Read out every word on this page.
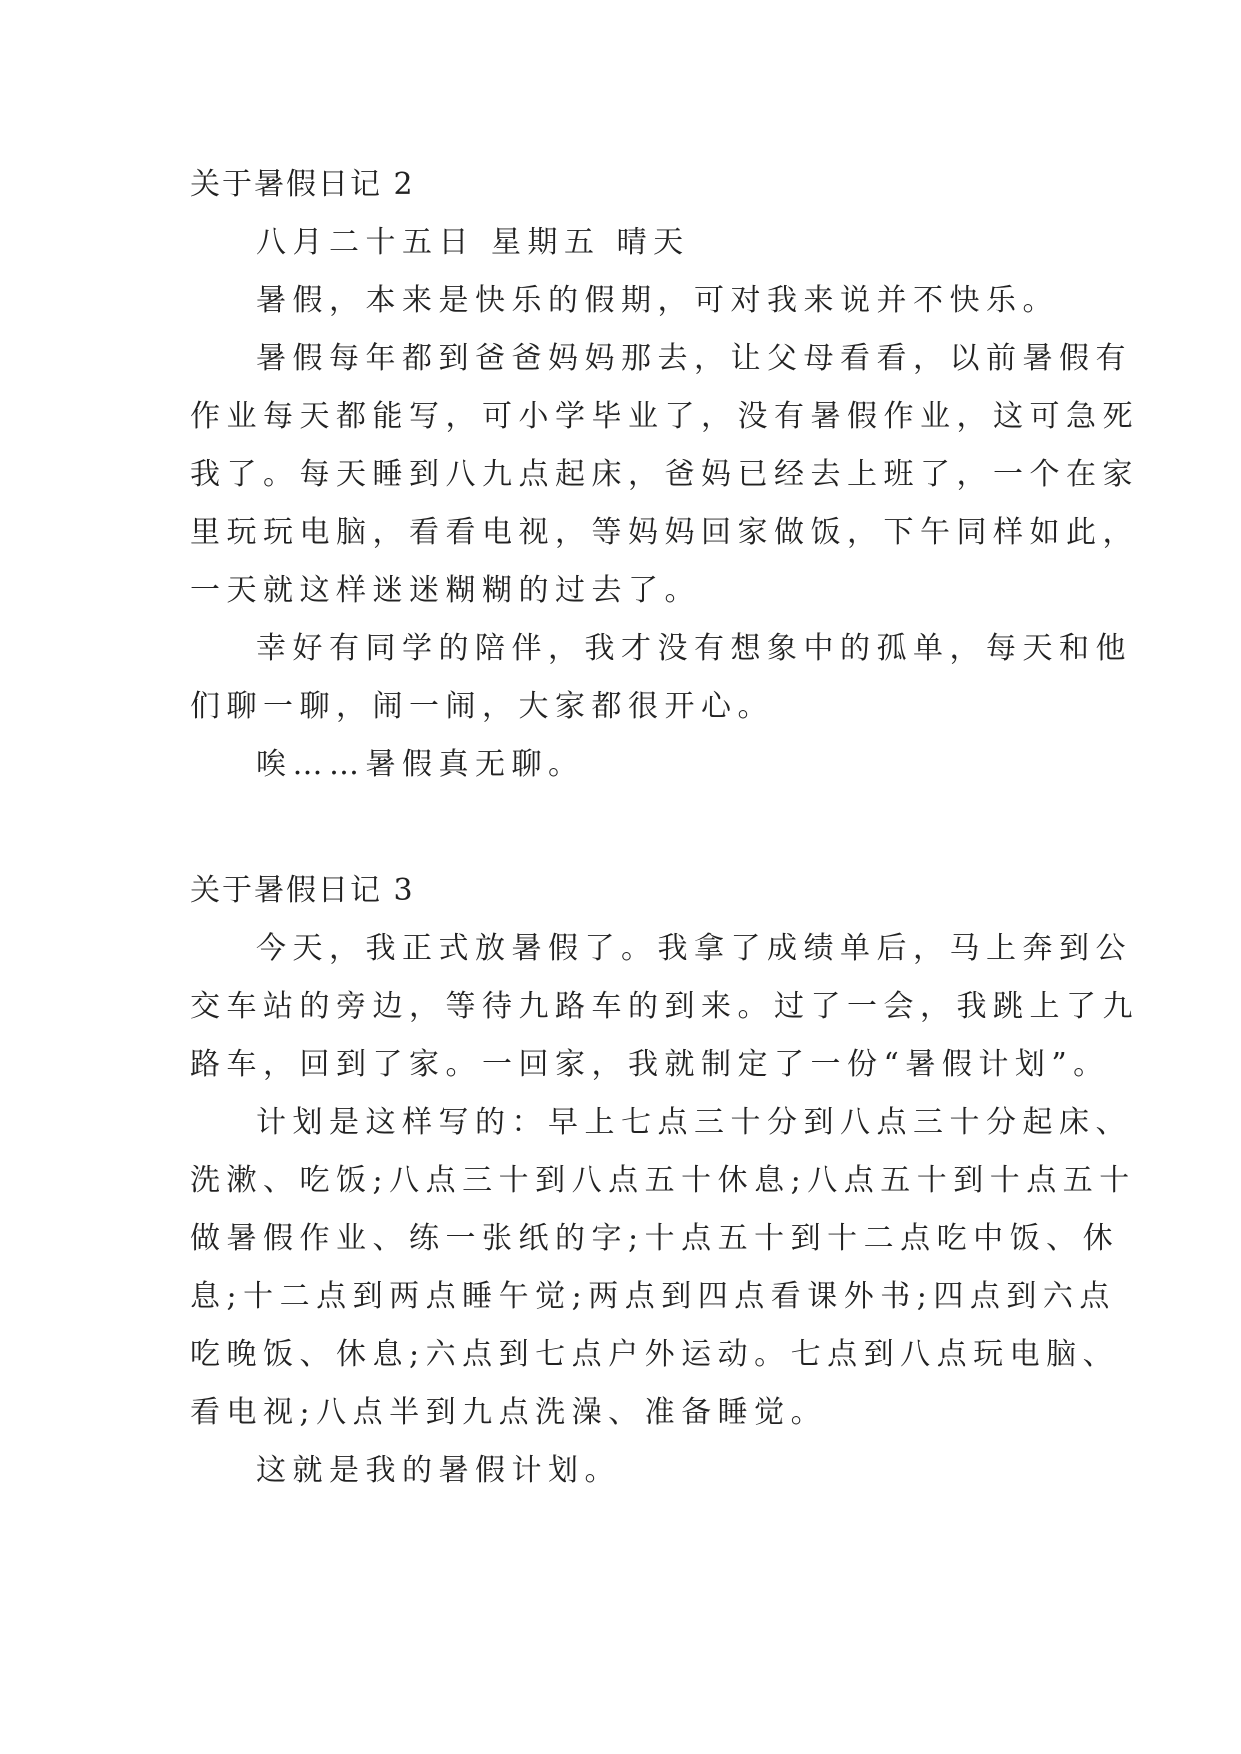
关于暑假日记 2
八月二十五日 星期五 晴天
暑假，本来是快乐的假期，可对我来说并不快乐。
暑假每年都到爸爸妈妈那去，让父母看看，以前暑假有
作业每天都能写，可小学毕业了，没有暑假作业，这可急死
我了。每天睡到八九点起床，爸妈已经去上班了，一个在家
里玩玩电脑，看看电视，等妈妈回家做饭，下午同样如此，
一天就这样迷迷糊糊的过去了。
幸好有同学的陪伴，我才没有想象中的孤单，每天和他
们聊一聊，闹一闹，大家都很开心。
唉……暑假真无聊。
关于暑假日记 3
今天，我正式放暑假了。我拿了成绩单后，马上奔到公
交车站的旁边，等待九路车的到来。过了一会，我跳上了九
路车，回到了家。一回家，我就制定了一份“暑假计划”。
计划是这样写的：早上七点三十分到八点三十分起床、
洗漱、吃饭;八点三十到八点五十休息;八点五十到十点五十
做暑假作业、练一张纸的字;十点五十到十二点吃中饭、休
息;十二点到两点睡午觉;两点到四点看课外书;四点到六点
吃晚饭、休息;六点到七点户外运动。七点到八点玩电脑、
看电视;八点半到九点洗澡、准备睡觉。
这就是我的暑假计划。
